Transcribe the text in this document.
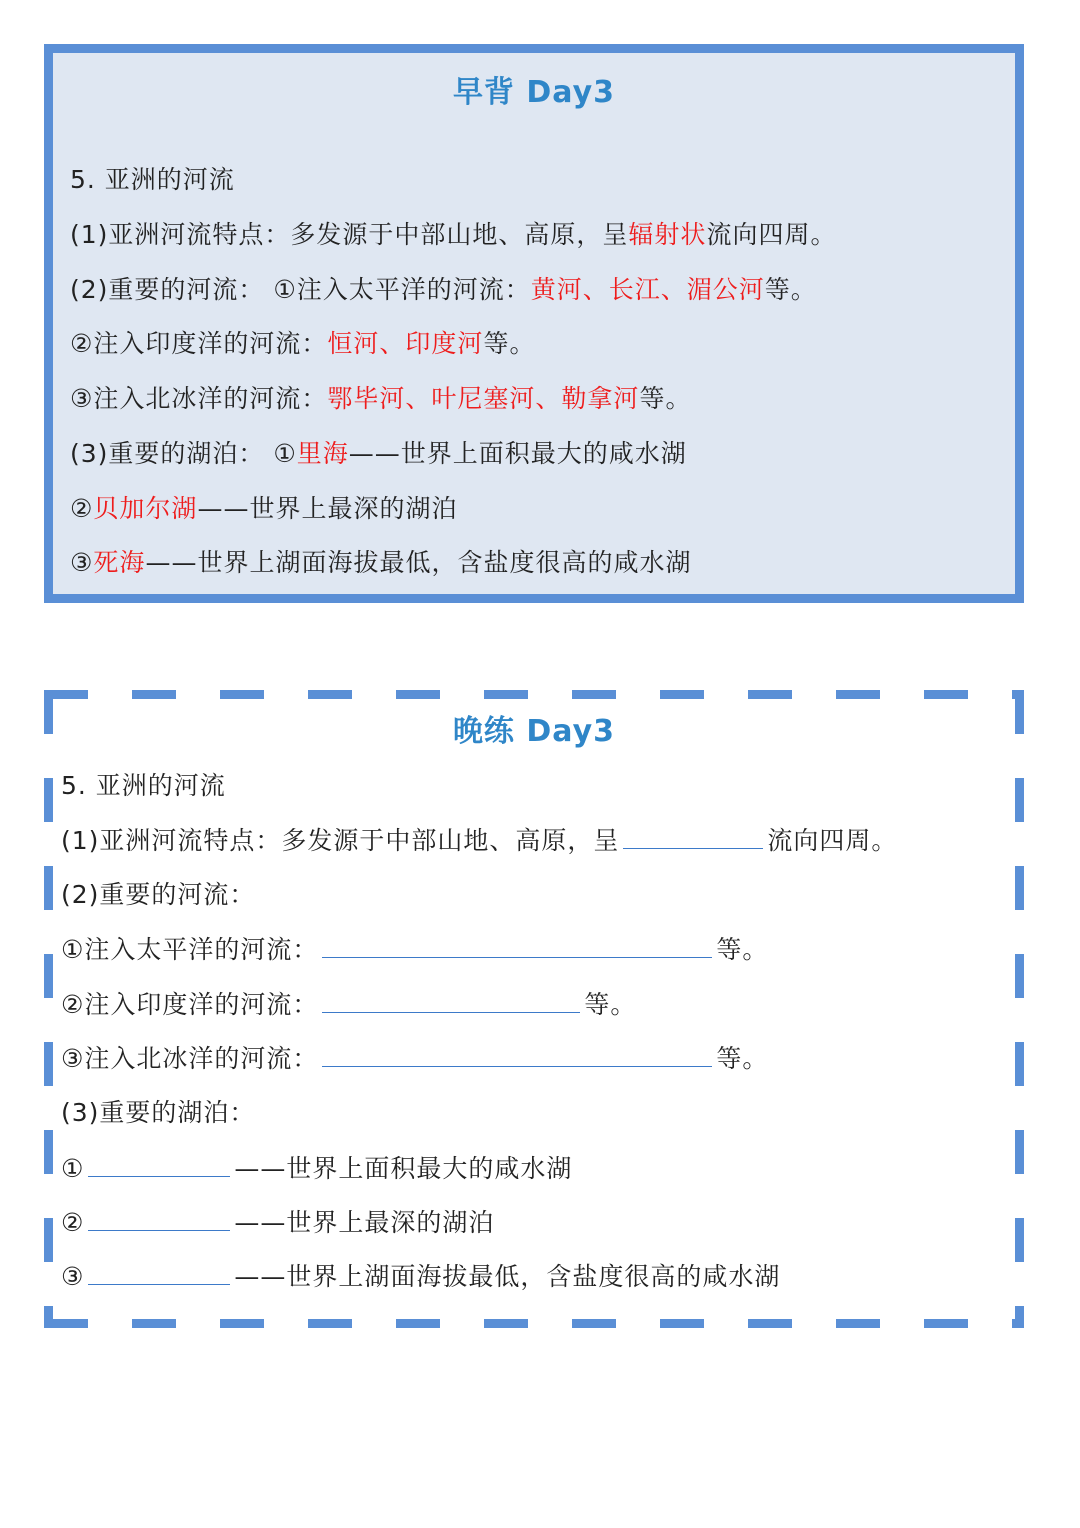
早背 Day3
5. 亚洲的河流
(1)亚洲河流特点：多发源于中部山地、高原，呈辐射状流向四周。
(2)重要的河流： ①注入太平洋的河流：黄河、长江、湄公河等。
②注入印度洋的河流：恒河、印度河等。
③注入北冰洋的河流：鄂毕河、叶尼塞河、勒拿河等。
(3)重要的湖泊： ①里海——世界上面积最大的咸水湖
②贝加尔湖——世界上最深的湖泊
③死海——世界上湖面海拔最低，含盐度很高的咸水湖
晚练 Day3
5. 亚洲的河流
(1)亚洲河流特点：多发源于中部山地、高原，呈	流向四周。
(2)重要的河流：
①注入太平洋的河流：	等。
②注入印度洋的河流：	等。
③注入北冰洋的河流：	等。
(3)重要的湖泊：
①	——世界上面积最大的咸水湖
②	——世界上最深的湖泊
③	——世界上湖面海拔最低，含盐度很高的咸水湖
